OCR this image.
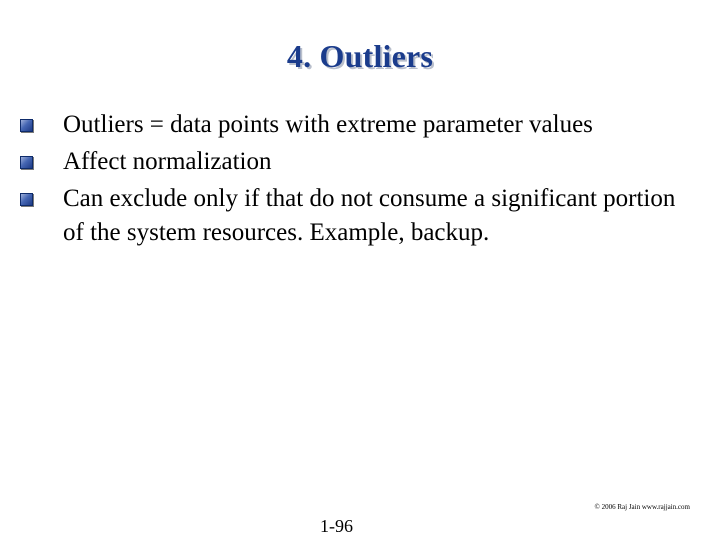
4. Outliers
Outliers = data points with extreme parameter values
Affect normalization
Can exclude only if that do not consume a significant portion of the system resources. Example, backup.
© 2006 Raj Jain www.rajjain.com
1-96
